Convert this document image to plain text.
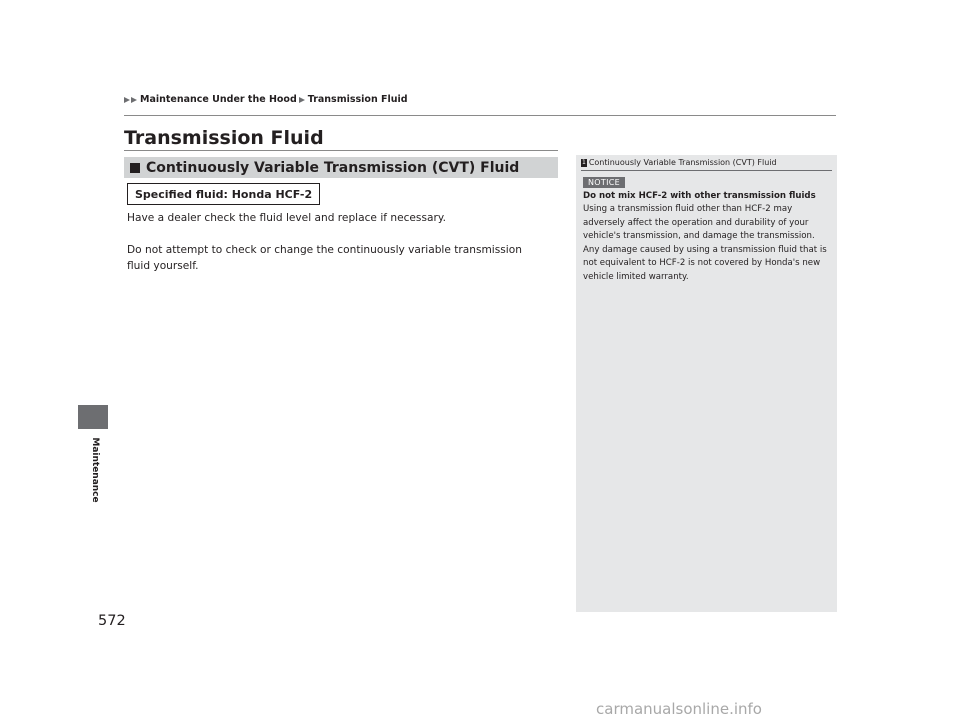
Maintenance Under the Hood Transmission Fluid
Transmission Fluid
Continuously Variable Transmission (CVT) Fluid
Specified fluid: Honda HCF-2

Have a dealer check the fluid level and replace if necessary.

Do not attempt to check or change the continuously variable transmission fluid yourself.

1 Continuously Variable Transmission (CVT) Fluid
NOTICE
Do not mix HCF-2 with other transmission fluids

Using a transmission fluid other than HCF-2 may adversely affect the operation and durability of your vehicle's transmission, and damage the transmission. Any damage caused by using a transmission fluid that is not equivalent to HCF-2 is not covered by Honda's new vehicle limited warranty.

Maintenance
572
carmanualsonline.info
